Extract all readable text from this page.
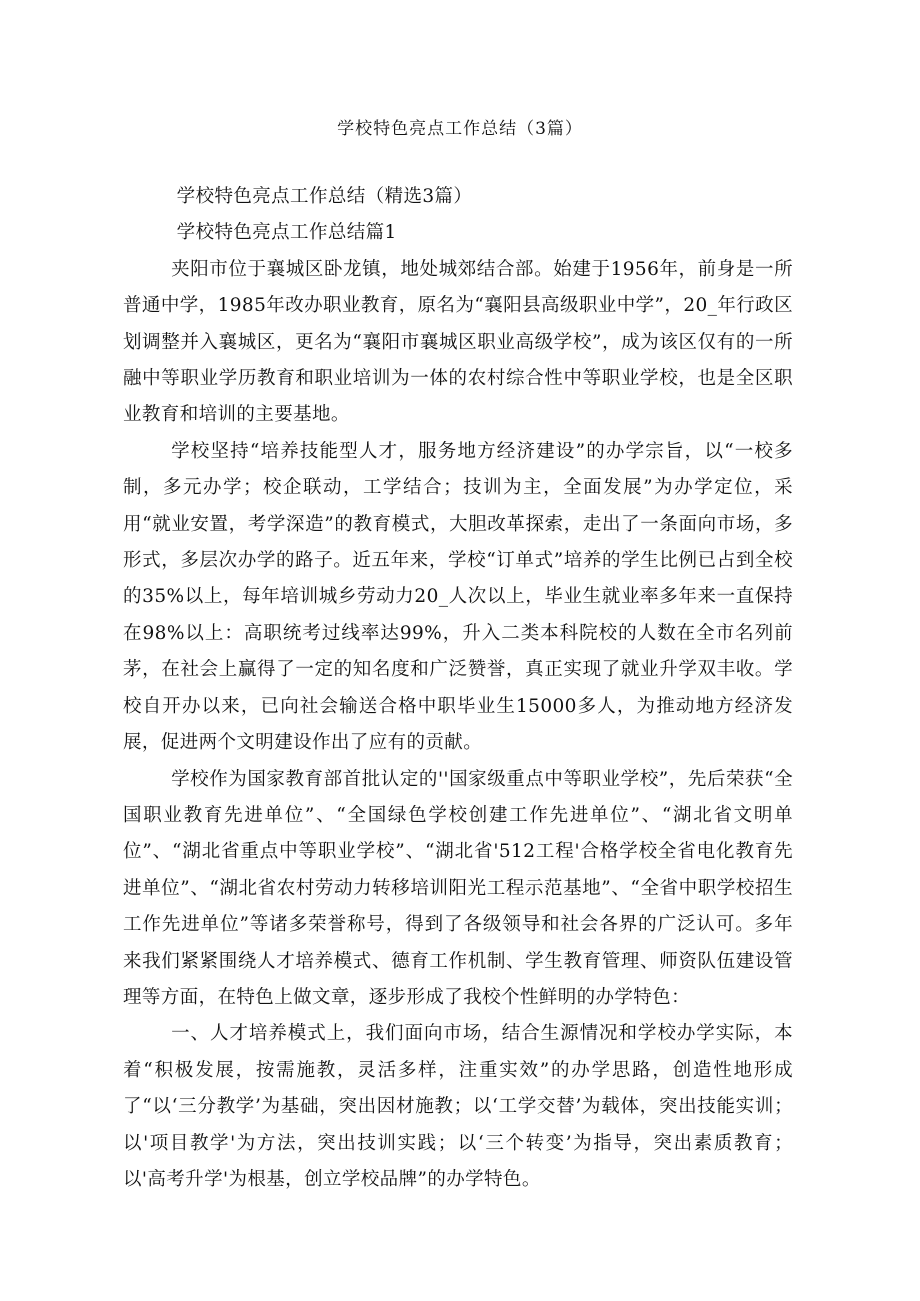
学校特色亮点工作总结（3篇）

学校特色亮点工作总结（精选3篇）

学校特色亮点工作总结篇1

夹阳市位于襄城区卧龙镇，地处城郊结合部。始建于1956年，前身是一所普通中学，1985年改办职业教育，原名为“襄阳县高级职业中学”，20_年行政区划调整并入襄城区，更名为“襄阳市襄城区职业高级学校”，成为该区仅有的一所融中等职业学历教育和职业培训为一体的农村综合性中等职业学校，也是全区职业教育和培训的主要基地。

学校坚持“培养技能型人才，服务地方经济建设”的办学宗旨，以“一校多制，多元办学；校企联动，工学结合；技训为主，全面发展”为办学定位，采用“就业安置，考学深造”的教育模式，大胆改革探索，走出了一条面向市场，多形式，多层次办学的路子。近五年来，学校“订单式”培养的学生比例已占到全校的35%以上，每年培训城乡劳动力20_人次以上，毕业生就业率多年来一直保持在98%以上：高职统考过线率达99%，升入二类本科院校的人数在全市名列前茅，在社会上赢得了一定的知名度和广泛赞誉，真正实现了就业升学双丰收。学校自开办以来，已向社会输送合格中职毕业生15000多人，为推动地方经济发展，促进两个文明建设作出了应有的贡献。

学校作为国家教育部首批认定的''国家级重点中等职业学校”，先后荣获“全国职业教育先进单位”、“全国绿色学校创建工作先进单位”、“湖北省文明单位”、“湖北省重点中等职业学校”、“湖北省'512工程'合格学校全省电化教育先进单位”、“湖北省农村劳动力转移培训阳光工程示范基地”、“全省中职学校招生工作先进单位”等诸多荣誉称号，得到了各级领导和社会各界的广泛认可。多年来我们紧紧围绕人才培养模式、德育工作机制、学生教育管理、师资队伍建设管理等方面，在特色上做文章，逐步形成了我校个性鲜明的办学特色：

一、人才培养模式上，我们面向市场，结合生源情况和学校办学实际，本着“积极发展，按需施教，灵活多样，注重实效”的办学思路，创造性地形成了“以‘三分教学’为基础，突出因材施教；以‘工学交替’为载体，突出技能实训；以'项目教学'为方法，突出技训实践；以‘三个转变’为指导，突出素质教育；以'高考升学'为根基，创立学校品牌”的办学特色。
